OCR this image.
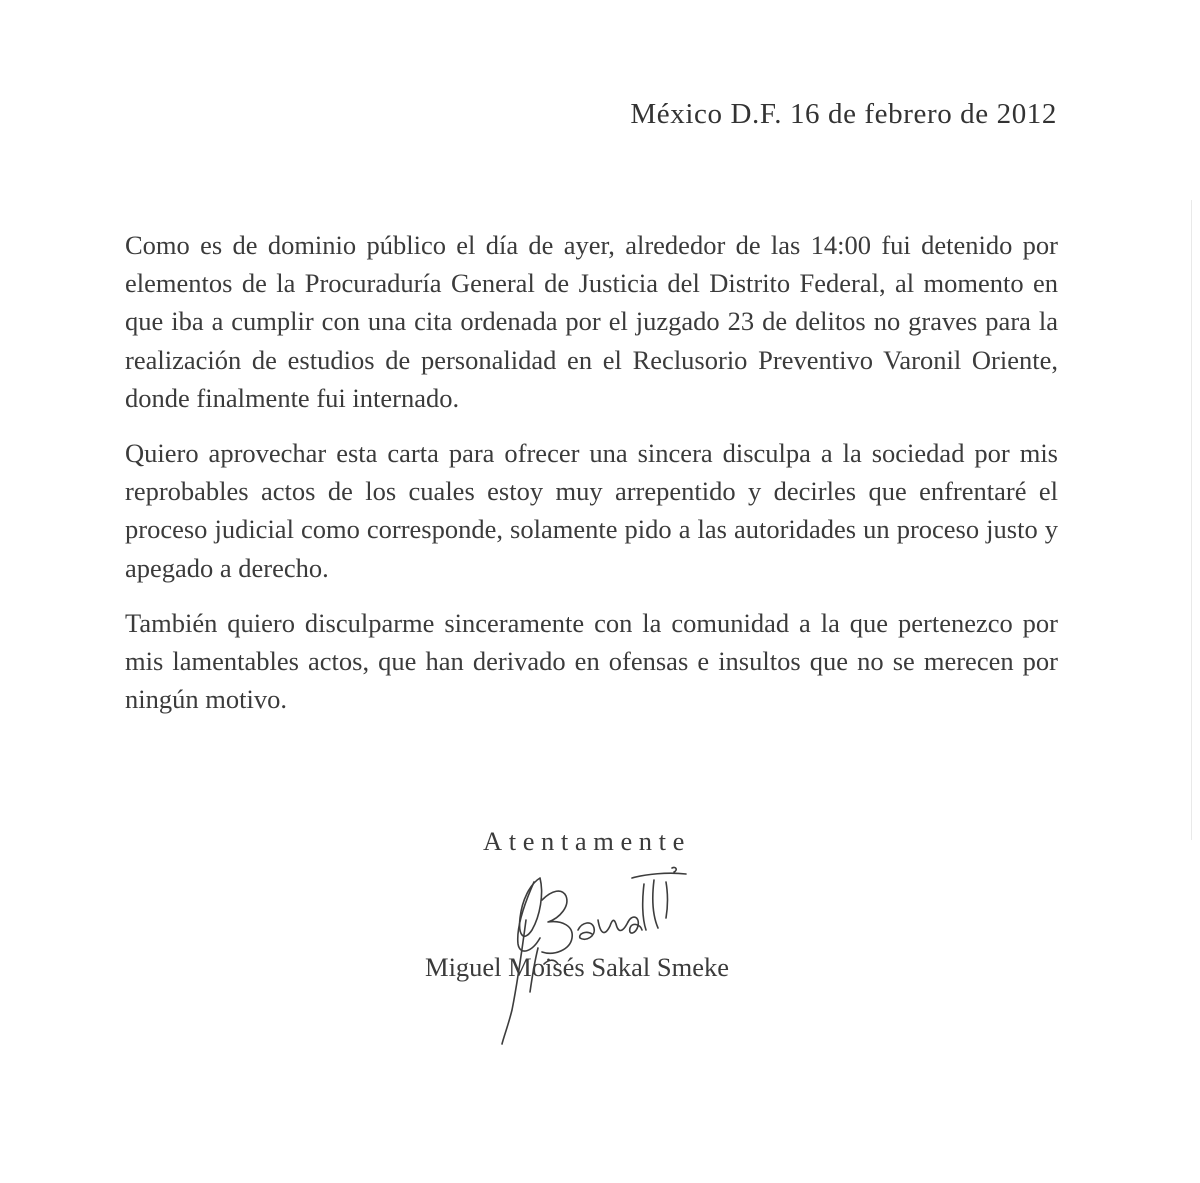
México D.F. 16 de febrero de 2012

Como es de dominio público el día de ayer, alrededor de las 14:00 fui detenido por elementos de la Procuraduría General de Justicia del Distrito Federal, al momento en que iba a cumplir con una cita ordenada por el juzgado 23 de delitos no graves para la realización de estudios de personalidad en el Reclusorio Preventivo Varonil Oriente, donde finalmente fui internado.

Quiero aprovechar esta carta para ofrecer una sincera disculpa a la sociedad por mis reprobables actos de los cuales estoy muy arrepentido y decirles que enfrentaré el proceso judicial como corresponde, solamente pido a las autoridades un proceso justo y apegado a derecho.

También quiero disculparme sinceramente con la comunidad a la que pertenezco por mis lamentables actos, que han derivado en ofensas e insultos que no se merecen por ningún motivo.

Atentamente
Miguel Moisés Sakal Smeke
